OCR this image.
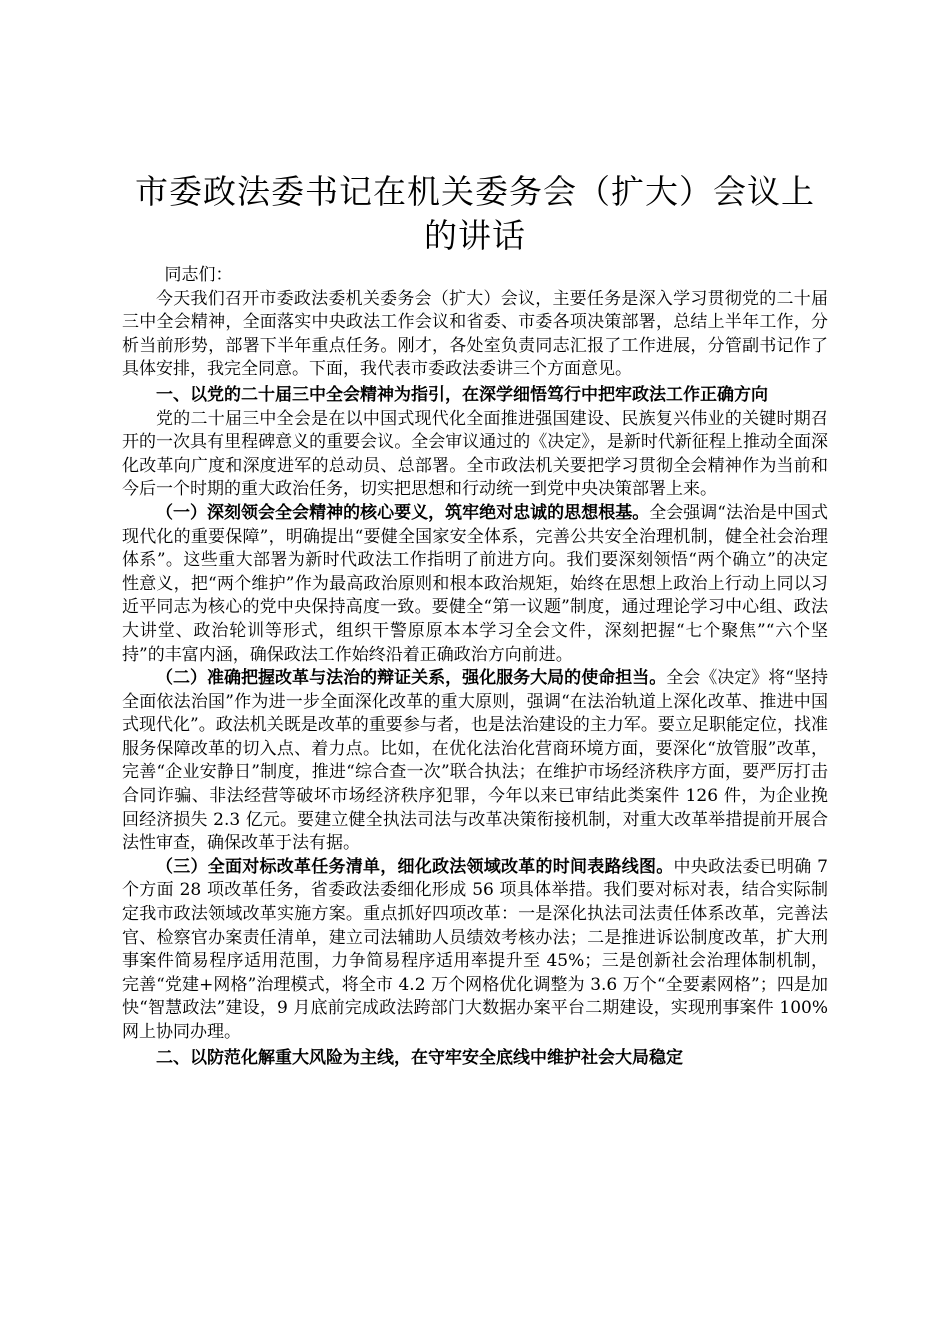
市委政法委书记在机关委务会（扩大）会议上的讲话

同志们：

今天我们召开市委政法委机关委务会（扩大）会议，主要任务是深入学习贯彻党的二十届三中全会精神，全面落实中央政法工作会议和省委、市委各项决策部署，总结上半年工作，分析当前形势，部署下半年重点任务。刚才，各处室负责同志汇报了工作进展，分管副书记作了具体安排，我完全同意。下面，我代表市委政法委讲三个方面意见。

一、以党的二十届三中全会精神为指引，在深学细悟笃行中把牢政法工作正确方向

党的二十届三中全会是在以中国式现代化全面推进强国建设、民族复兴伟业的关键时期召开的一次具有里程碑意义的重要会议。全会审议通过的《决定》，是新时代新征程上推动全面深化改革向广度和深度进军的总动员、总部署。全市政法机关要把学习贯彻全会精神作为当前和今后一个时期的重大政治任务，切实把思想和行动统一到党中央决策部署上来。

（一）深刻领会全会精神的核心要义，筑牢绝对忠诚的思想根基。全会强调“法治是中国式现代化的重要保障”，明确提出“要健全国家安全体系，完善公共安全治理机制，健全社会治理体系”。这些重大部署为新时代政法工作指明了前进方向。我们要深刻领悟“两个确立”的决定性意义，把“两个维护”作为最高政治原则和根本政治规矩，始终在思想上政治上行动上同以习近平同志为核心的党中央保持高度一致。要健全“第一议题”制度，通过理论学习中心组、政法大讲堂、政治轮训等形式，组织干警原原本本学习全会文件，深刻把握“七个聚焦”“六个坚持”的丰富内涵，确保政法工作始终沿着正确政治方向前进。

（二）准确把握改革与法治的辩证关系，强化服务大局的使命担当。全会《决定》将“坚持全面依法治国”作为进一步全面深化改革的重大原则，强调“在法治轨道上深化改革、推进中国式现代化”。政法机关既是改革的重要参与者，也是法治建设的主力军。要立足职能定位，找准服务保障改革的切入点、着力点。比如，在优化法治化营商环境方面，要深化“放管服”改革，完善“企业安静日”制度，推进“综合查一次”联合执法；在维护市场经济秩序方面，要严厉打击合同诈骗、非法经营等破坏市场经济秩序犯罪，今年以来已审结此类案件 126 件，为企业挽回经济损失 2.3 亿元。要建立健全执法司法与改革决策衔接机制，对重大改革举措提前开展合法性审查，确保改革于法有据。

（三）全面对标改革任务清单，细化政法领域改革的时间表路线图。中央政法委已明确 7 个方面 28 项改革任务，省委政法委细化形成 56 项具体举措。我们要对标对表，结合实际制定我市政法领域改革实施方案。重点抓好四项改革：一是深化执法司法责任体系改革，完善法官、检察官办案责任清单，建立司法辅助人员绩效考核办法；二是推进诉讼制度改革，扩大刑事案件简易程序适用范围，力争简易程序适用率提升至 45%；三是创新社会治理体制机制，完善“党建+网格”治理模式，将全市 4.2 万个网格优化调整为 3.6 万个“全要素网格”；四是加快“智慧政法”建设，9 月底前完成政法跨部门大数据办案平台二期建设，实现刑事案件 100%网上协同办理。

二、以防范化解重大风险为主线，在守牢安全底线中维护社会大局稳定
